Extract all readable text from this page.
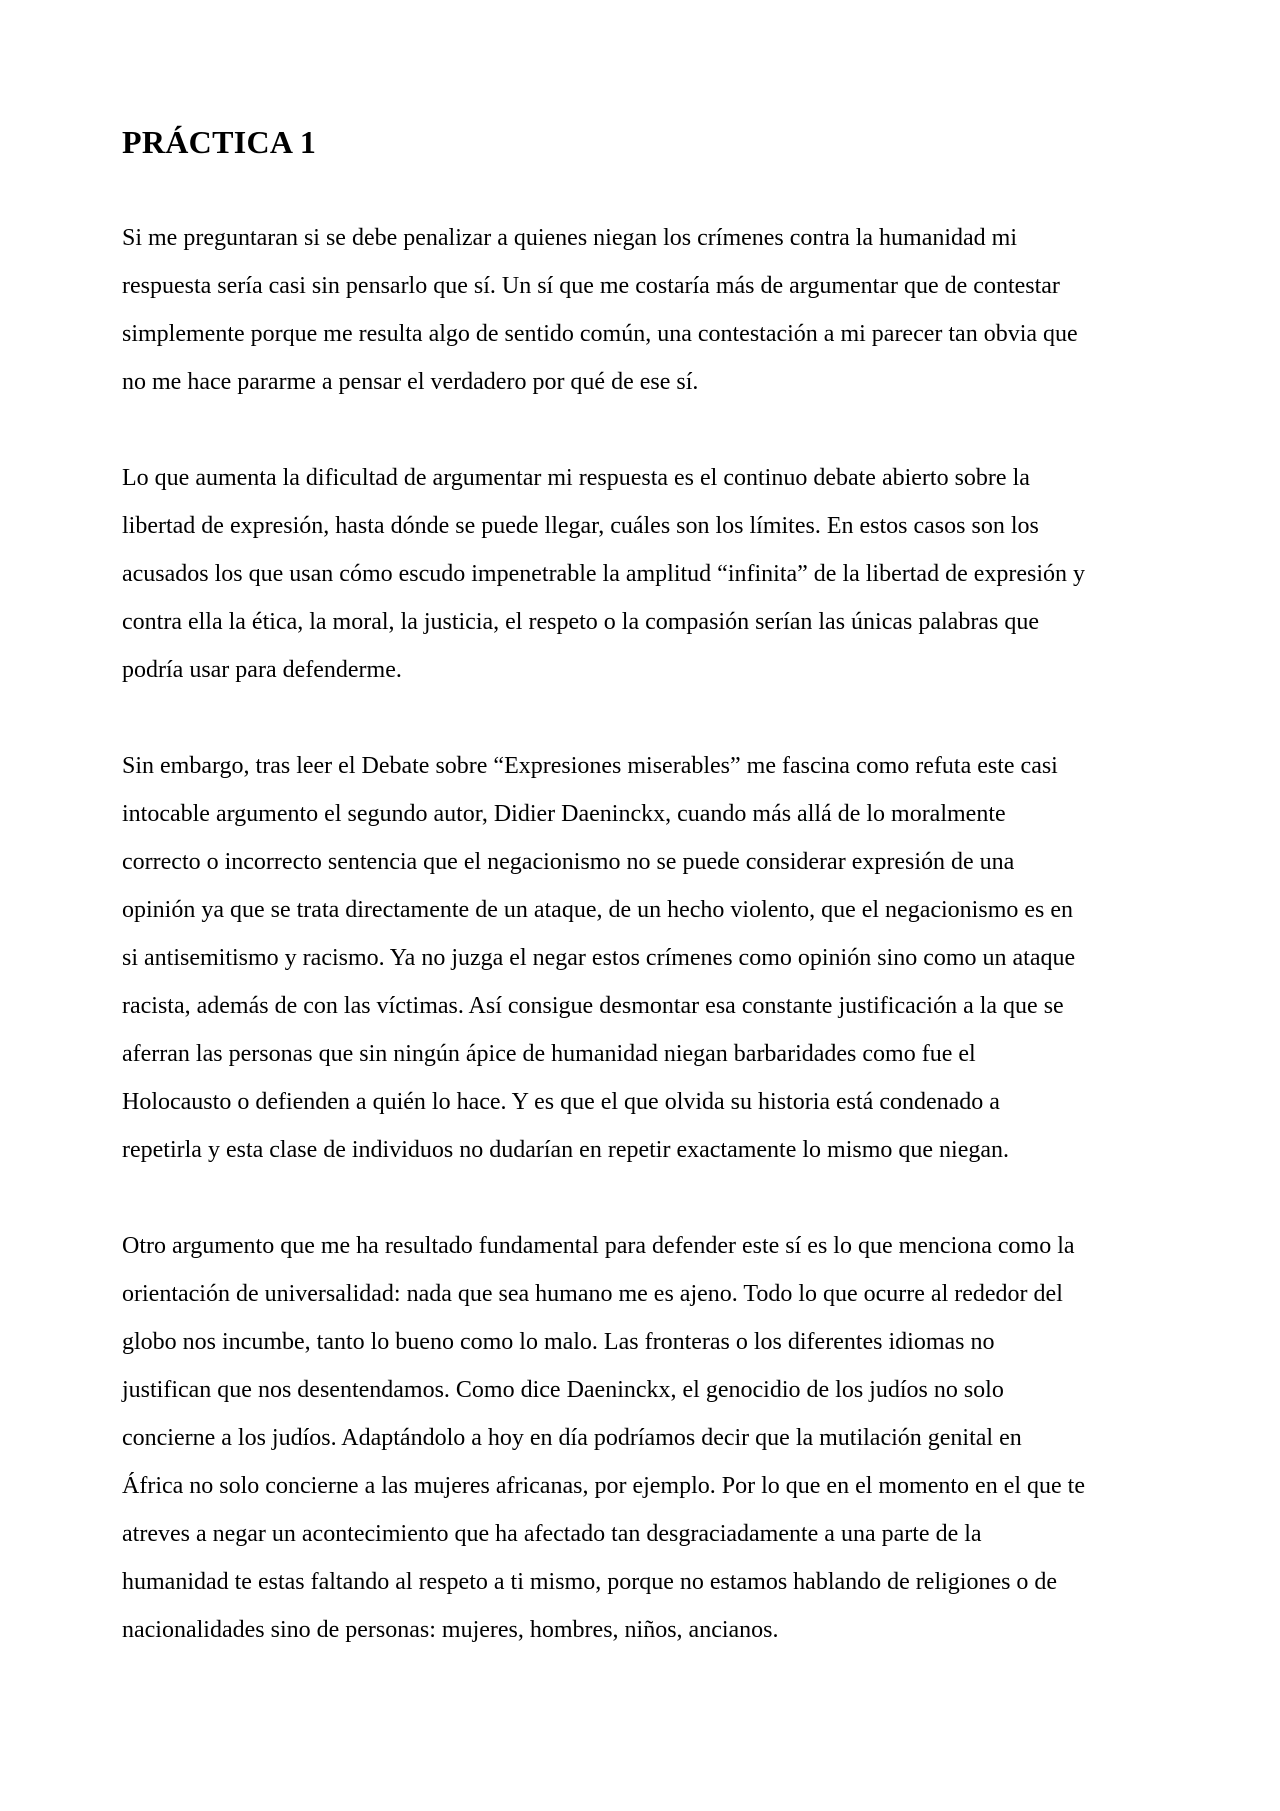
PRÁCTICA 1

Si me preguntaran si se debe penalizar a quienes niegan los crímenes contra la humanidad mi
respuesta sería casi sin pensarlo que sí. Un sí que me costaría más de argumentar que de contestar
simplemente porque me resulta algo de sentido común, una contestación a mi parecer tan obvia que
no me hace pararme a pensar el verdadero por qué de ese sí.

Lo que aumenta la dificultad de argumentar mi respuesta es el continuo debate abierto sobre la
libertad de expresión, hasta dónde se puede llegar, cuáles son los límites. En estos casos son los
acusados los que usan cómo escudo impenetrable la amplitud “infinita” de la libertad de expresión y
contra ella la ética, la moral, la justicia, el respeto o la compasión serían las únicas palabras que
podría usar para defenderme.

Sin embargo, tras leer el Debate sobre “Expresiones miserables” me fascina como refuta este casi
intocable argumento el segundo autor, Didier Daeninckx, cuando más allá de lo moralmente
correcto o incorrecto sentencia que el negacionismo no se puede considerar expresión de una
opinión ya que se trata directamente de un ataque, de un hecho violento, que el negacionismo es en
si antisemitismo y racismo. Ya no juzga el negar estos crímenes como opinión sino como un ataque
racista, además de con las víctimas. Así consigue desmontar esa constante justificación a la que se
aferran las personas que sin ningún ápice de humanidad niegan barbaridades como fue el
Holocausto o defienden a quién lo hace. Y es que el que olvida su historia está condenado a
repetirla y esta clase de individuos no dudarían en repetir exactamente lo mismo que niegan.

Otro argumento que me ha resultado fundamental para defender este sí es lo que menciona como la
orientación de universalidad: nada que sea humano me es ajeno. Todo lo que ocurre al rededor del
globo nos incumbe, tanto lo bueno como lo malo. Las fronteras o los diferentes idiomas no
justifican que nos desentendamos. Como dice Daeninckx, el genocidio de los judíos no solo
concierne a los judíos. Adaptándolo a hoy en día podríamos decir que la mutilación genital en
África no solo concierne a las mujeres africanas, por ejemplo. Por lo que en el momento en el que te
atreves a negar un acontecimiento que ha afectado tan desgraciadamente a una parte de la
humanidad te estas faltando al respeto a ti mismo, porque no estamos hablando de religiones o de
nacionalidades sino de personas: mujeres, hombres, niños, ancianos.
